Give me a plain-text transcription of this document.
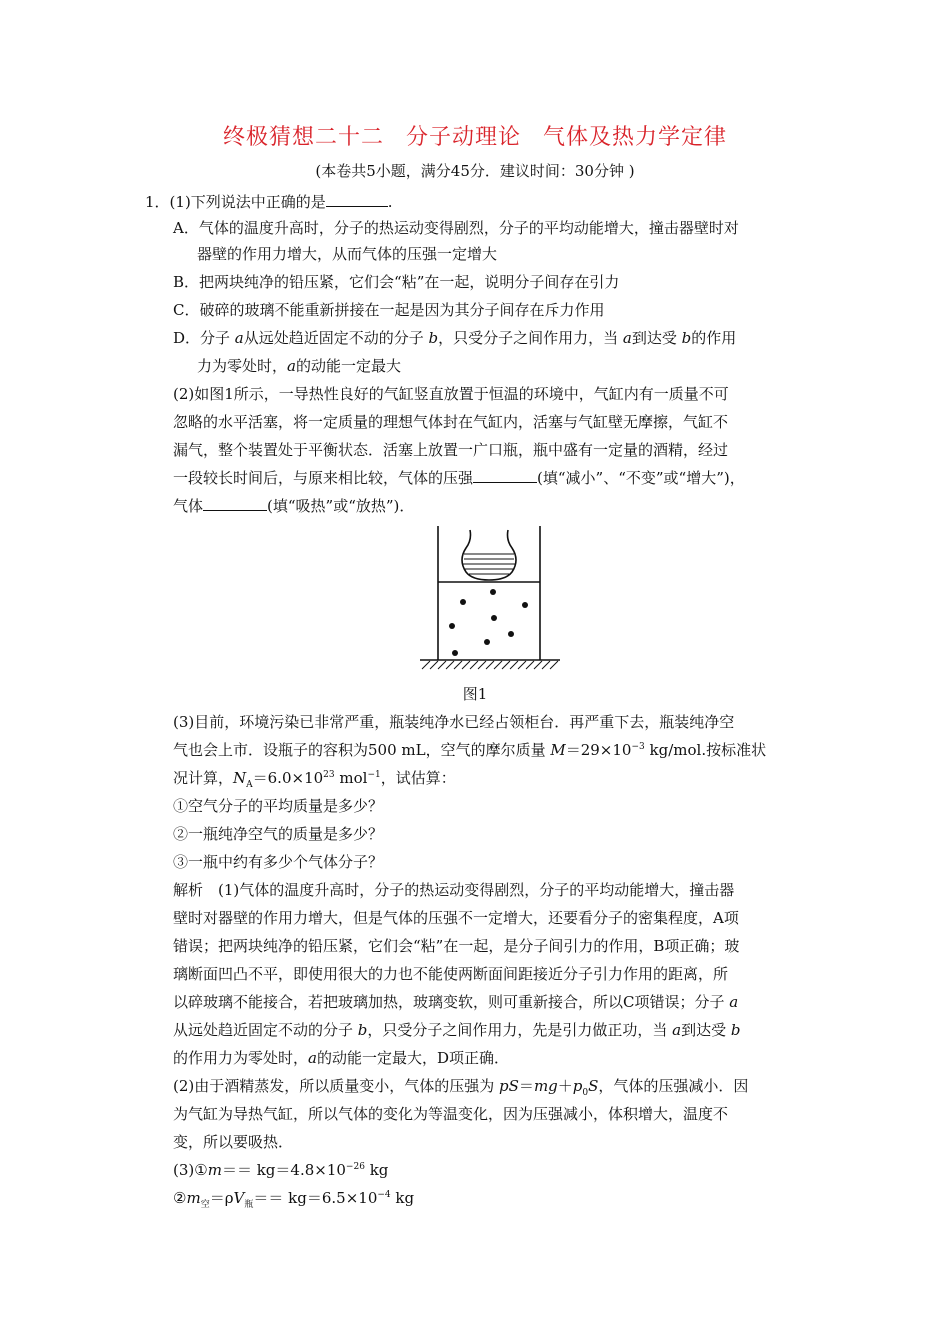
终极猜想二十二 分子动理论 气体及热力学定律
(本卷共5小题，满分45分．建议时间：30分钟 )
1．(1)下列说法中正确的是	.
A．气体的温度升高时，分子的热运动变得剧烈，分子的平均动能增大，撞击器壁时对
器壁的作用力增大，从而气体的压强一定增大
B．把两块纯净的铅压紧，它们会“粘”在一起，说明分子间存在引力
C．破碎的玻璃不能重新拼接在一起是因为其分子间存在斥力作用
D．分子 a从远处趋近固定不动的分子 b，只受分子之间作用力，当 a到达受 b的作用
力为零处时，a的动能一定最大
(2)如图1所示，一导热性良好的气缸竖直放置于恒温的环境中，气缸内有一质量不可
忽略的水平活塞，将一定质量的理想气体封在气缸内，活塞与气缸壁无摩擦，气缸不
漏气，整个装置处于平衡状态．活塞上放置一广口瓶，瓶中盛有一定量的酒精，经过
一段较长时间后，与原来相比较，气体的压强	(填“减小”、“不变”或“增大”)，
气体	(填“吸热”或“放热”)．
图1
(3)目前，环境污染已非常严重，瓶装纯净水已经占领柜台．再严重下去，瓶装纯净空
气也会上市．设瓶子的容积为500 mL，空气的摩尔质量 $M=29\times 10^{-3}$ kg/mol.按标准状
况计算，$N_A=6.0\times 10^{23}$ mol$^{-1}$，试估算：
①空气分子的平均质量是多少？
②一瓶纯净空气的质量是多少？
③一瓶中约有多少个气体分子？
解析　(1)气体的温度升高时，分子的热运动变得剧烈，分子的平均动能增大，撞击器
壁时对器壁的作用力增大，但是气体的压强不一定增大，还要看分子的密集程度，A项
错误；把两块纯净的铅压紧，它们会“粘”在一起，是分子间引力的作用，B项正确；玻
璃断面凹凸不平，即使用很大的力也不能使两断面间距接近分子引力作用的距离，所
以碎玻璃不能接合，若把玻璃加热，玻璃变软，则可重新接合，所以C项错误；分子 a
从远处趋近固定不动的分子 b，只受分子之间作用力，先是引力做正功，当 a到达受 b
的作用力为零处时，a的动能一定最大，D项正确．
(2)由于酒精蒸发，所以质量变小，气体的压强为 $pS=mg+p_0S$，气体的压强减小．因
为气缸为导热气缸，所以气体的变化为等温变化，因为压强减小，体积增大，温度不
变，所以要吸热．
(3)①m＝＝ $kg=4.8\times 10^{-26}$ kg
$②m_空=\rho V_瓶== kg=6.5\times 10^{-4}$ kg
